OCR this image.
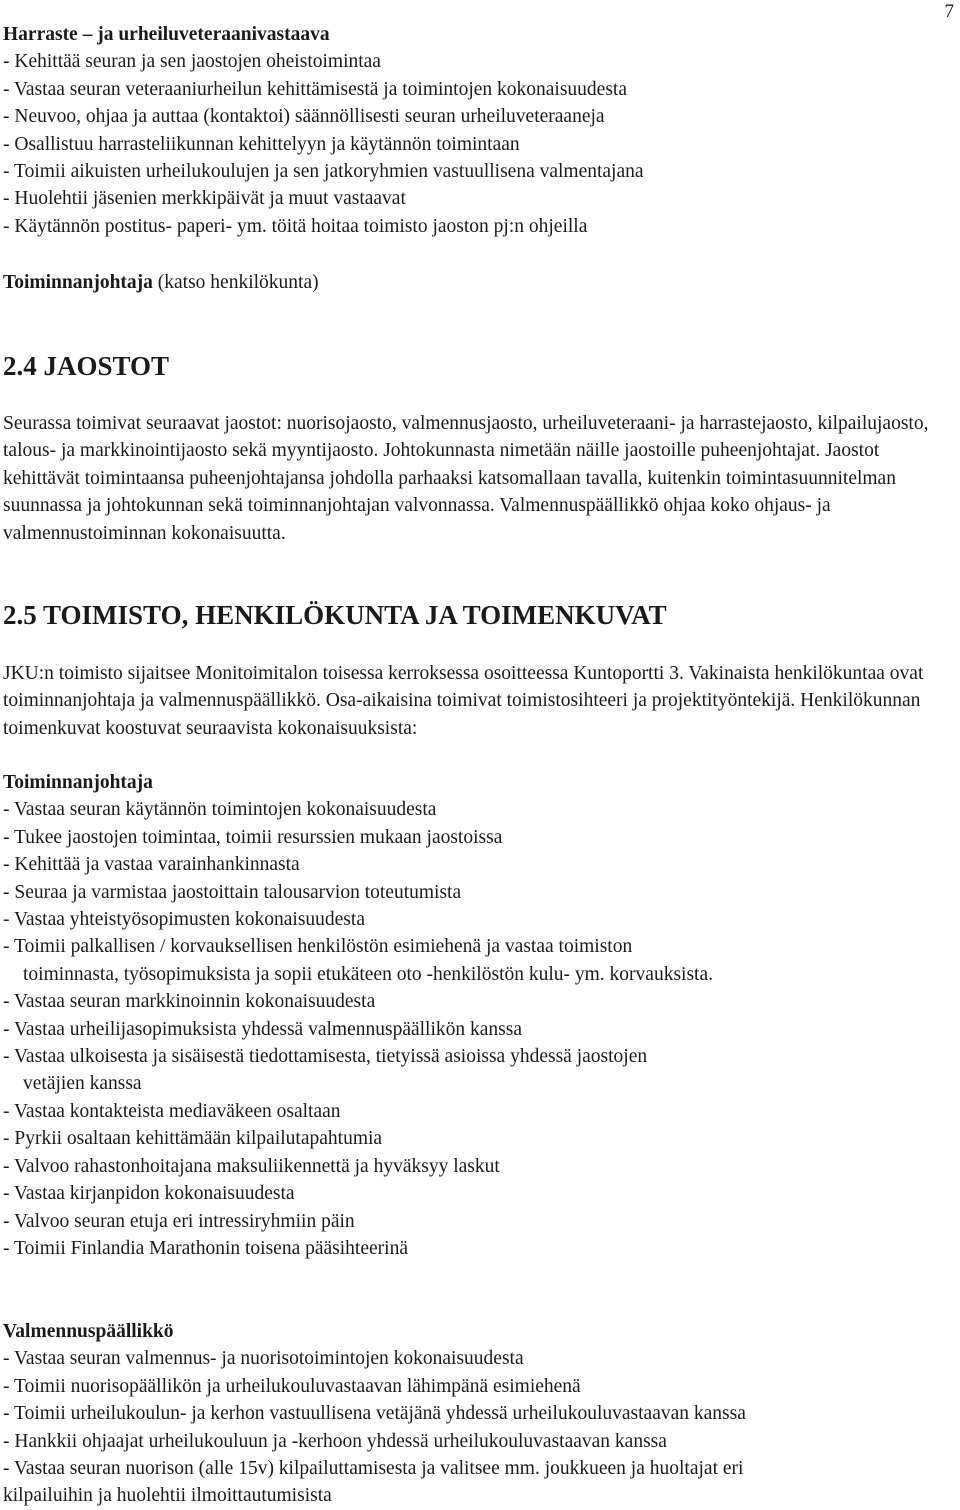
7
Harraste – ja urheiluveteraanivastaava
- Kehittää seuran ja sen jaostojen oheistoimintaa
- Vastaa seuran veteraaniurheilun kehittämisestä ja toimintojen kokonaisuudesta
- Neuvoo, ohjaa ja auttaa (kontaktoi) säännöllisesti seuran urheiluveteraaneja
- Osallistuu harrasteliikunnan kehittelyyn ja käytännön toimintaan
- Toimii aikuisten urheilukoulujen ja sen jatkoryhmien vastuullisena valmentajana
- Huolehtii jäsenien merkkipäivät ja muut vastaavat
- Käytännön postitus- paperi- ym. töitä hoitaa toimisto jaoston pj:n ohjeilla
Toiminnanjohtaja (katso henkilökunta)
2.4 JAOSTOT
Seurassa toimivat seuraavat jaostot: nuorisojaosto, valmennusjaosto, urheiluveteraani- ja harrastejaosto, kilpailujaosto, talous- ja markkinointijaosto sekä myyntijaosto. Johtokunnasta nimetään näille jaostoille puheenjohtajat. Jaostot kehittävät toimintaansa puheenjohtajansa johdolla parhaaksi katsomallaan tavalla, kuitenkin toimintasuunnitelman suunnassa ja johtokunnan sekä toiminnanjohtajan valvonnassa. Valmennuspäällikkö ohjaa koko ohjaus- ja valmennustoiminnan kokonaisuutta.
2.5 TOIMISTO, HENKILÖKUNTA JA TOIMENKUVAT
JKU:n toimisto sijaitsee Monitoimitalon toisessa kerroksessa osoitteessa Kuntoportti 3. Vakinaista henkilökuntaa ovat toiminnanjohtaja ja valmennuspäällikkö. Osa-aikaisina toimivat toimistosihteeri ja projektityöntekijä. Henkilökunnan toimenkuvat koostuvat seuraavista kokonaisuuksista:
Toiminnanjohtaja
- Vastaa seuran käytännön toimintojen kokonaisuudesta
- Tukee jaostojen toimintaa, toimii resurssien mukaan jaostoissa
- Kehittää ja vastaa varainhankinnasta
- Seuraa ja varmistaa jaostoittain talousarvion toteutumista
- Vastaa yhteistyösopimusten kokonaisuudesta
- Toimii palkallisen / korvauksellisen henkilöstön esimiehenä ja vastaa toimiston
toiminnasta, työsopimuksista ja sopii etukäteen oto -henkilöstön kulu- ym. korvauksista.
- Vastaa seuran markkinoinnin kokonaisuudesta
- Vastaa urheilijasopimuksista yhdessä valmennuspäällikön kanssa
- Vastaa ulkoisesta ja sisäisestä tiedottamisesta, tietyissä asioissa yhdessä jaostojen
vetäjien kanssa
- Vastaa kontakteista mediaväkeen osaltaan
- Pyrkii osaltaan kehittämään kilpailutapahtumia
- Valvoo rahastonhoitajana maksuliikennettä ja hyväksyy laskut
- Vastaa kirjanpidon kokonaisuudesta
- Valvoo seuran etuja eri intressiryhmiin päin
- Toimii Finlandia Marathonin toisena pääsihteerinä
Valmennuspäällikkö
- Vastaa seuran valmennus- ja nuorisotoimintojen kokonaisuudesta
- Toimii nuorisopäällikön ja urheilukouluvastaavan lähimpänä esimiehenä
- Toimii urheilukoulun- ja kerhon vastuullisena vetäjänä yhdessä urheilukouluvastaavan kanssa
- Hankkii ohjaajat urheilukouluun ja -kerhoon yhdessä urheilukouluvastaavan kanssa
- Vastaa seuran nuorison (alle 15v) kilpailuttamisesta ja valitsee mm. joukkueen ja huoltajat eri
kilpailuihin ja huolehtii ilmoittautumisista
